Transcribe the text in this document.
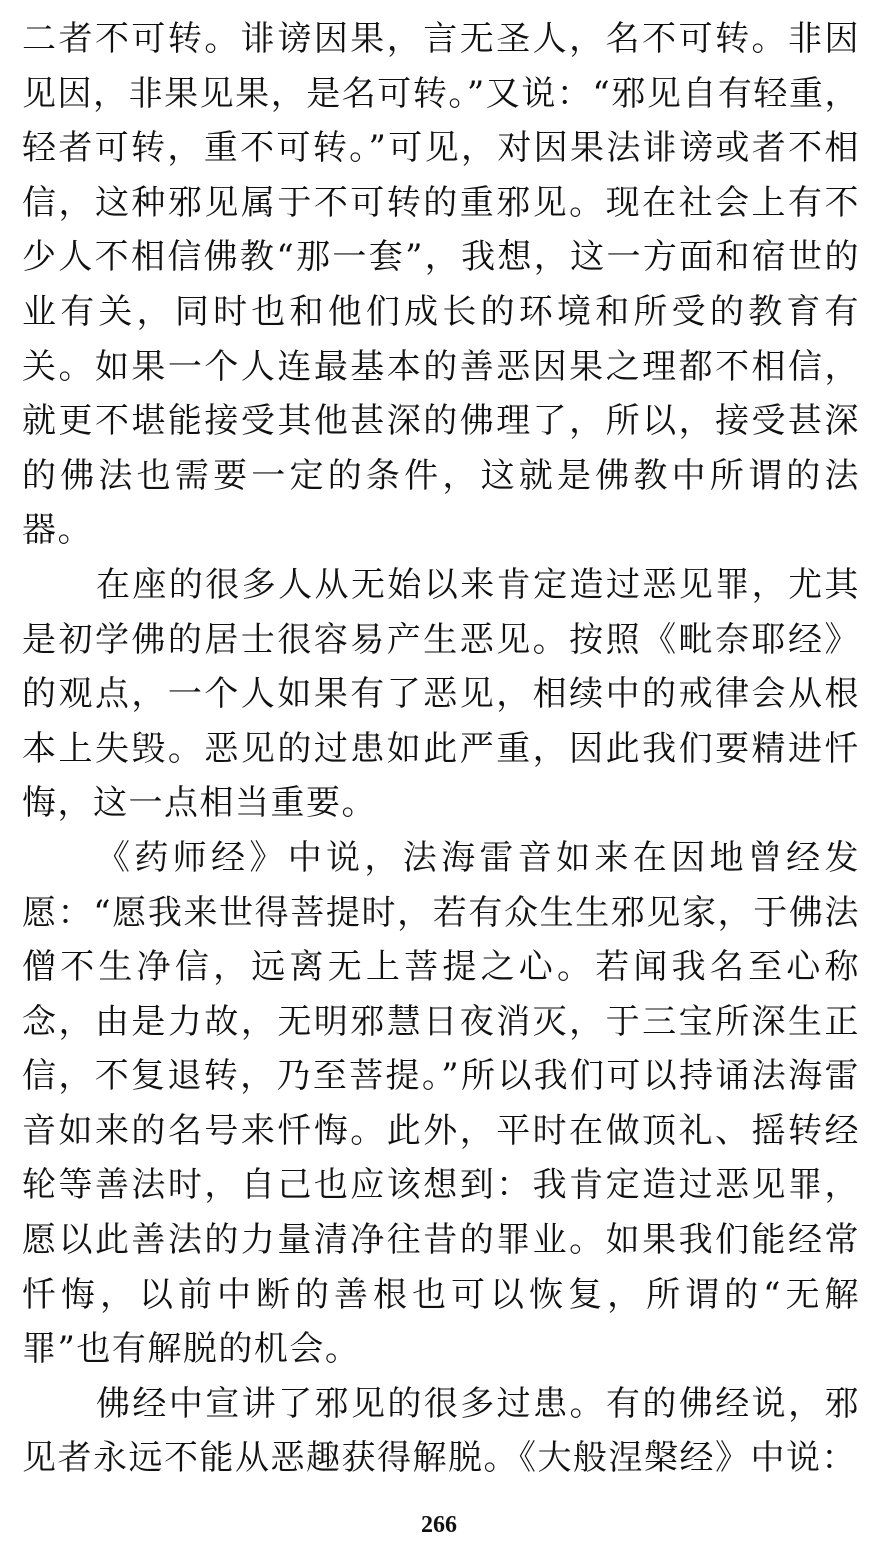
二者不可转。诽谤因果，言无圣人，名不可转。非因见因，非果见果，是名可转。”又说：“邪见自有轻重，轻者可转，重不可转。”可见，对因果法诽谤或者不相信，这种邪见属于不可转的重邪见。现在社会上有不少人不相信佛教“那一套”，我想，这一方面和宿世的业有关，同时也和他们成长的环境和所受的教育有关。如果一个人连最基本的善恶因果之理都不相信，就更不堪能接受其他甚深的佛理了，所以，接受甚深的佛法也需要一定的条件，这就是佛教中所谓的法器。

在座的很多人从无始以来肯定造过恶见罪，尤其是初学佛的居士很容易产生恶见。按照《毗奈耶经》的观点，一个人如果有了恶见，相续中的戒律会从根本上失毁。恶见的过患如此严重，因此我们要精进忏悔，这一点相当重要。

《药师经》中说，法海雷音如来在因地曾经发愿：“愿我来世得菩提时，若有众生生邪见家，于佛法僧不生净信，远离无上菩提之心。若闻我名至心称念，由是力故，无明邪慧日夜消灭，于三宝所深生正信，不复退转，乃至菩提。”所以我们可以持诵法海雷音如来的名号来忏悔。此外，平时在做顶礼、摇转经轮等善法时，自己也应该想到：我肯定造过恶见罪，愿以此善法的力量清净往昔的罪业。如果我们能经常忏悔，以前中断的善根也可以恢复，所谓的“无解罪”也有解脱的机会。

佛经中宣讲了邪见的很多过患。有的佛经说，邪见者永远不能从恶趣获得解脱。《大般涅槃经》中说：

266
